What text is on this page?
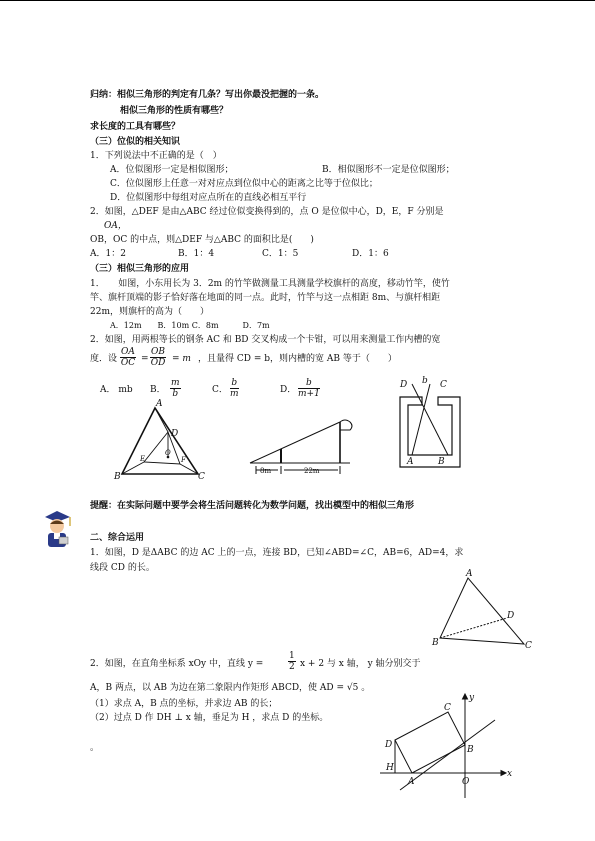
归纳：相似三角形的判定有几条？写出你最没把握的一条。
相似三角形的性质有哪些？
求长度的工具有哪些？
（三）位似的相关知识
1．下列说法中不正确的是（　）
A．位似图形一定是相似图形；	B．相似图形不一定是位似图形；
C．位似图形上任意一对对应点到位似中心的距离之比等于位似比；
D．位似图形中每组对应点所在的直线必相互平行
2．如图，△DEF 是由△ABC 经过位似变换得到的，点 O 是位似中心，D，E，F 分别是
OA，
OB，OC 的中点，则△DEF 与△ABC 的面积比是(　　)
A．1：2	B．1：4	C．1：5	D．1：6
（三）相似三角形的应用
1．　　如图，小东用长为 3．2m 的竹竿做测量工具测量学校旗杆的高度，移动竹竿，使竹
竿、旗杆顶端的影子恰好落在地面的同一点。此时，竹竿与这一点相距 8m、与旗杆相距
22m，则旗杆的高为（　　）
A．12m　　B．10m C．8m　　　D．7m
2．如图，用两根等长的钢条 AC 和 BD 交叉构成一个卡钳，可以用来测量工作内槽的宽
度．设 $\frac{OA}{OC} = \frac{OB}{OD} = m$ ，且量得 CD = b，则内槽的宽 AB 等于（　　）
A． mb B． $\frac{m}{b}$	C． $\frac{b}{m}$	D． $\frac{b}{m+1}$
A
D
O
E	F
B	C
8m	22m
D b C
A	B
提醒：在实际问题中要学会将生活问题转化为数学问题，找出模型中的相似三角形
二、综合运用
1．如图，D 是ΔABC 的边 AC 上的一点，连接 BD，已知∠ABD=∠C，AB=6，AD=4，求
线段 CD 的长。
A
D
B	C
2．如图，在直角坐标系 xOy 中，直线 y =	$\frac{1}{2}$ x + 2 与 x 轴， y 轴分别交于
A，B 两点，以 AB 为边在第二象限内作矩形 ABCD，使 AD = √5 。
（1）求点 A，B 点的坐标，并求边 AB 的长；
（2）过点 D 作 DH ⊥ x 轴，垂足为 H ，求点 D 的坐标。
。
y
C
D	B
H
A	O
x
